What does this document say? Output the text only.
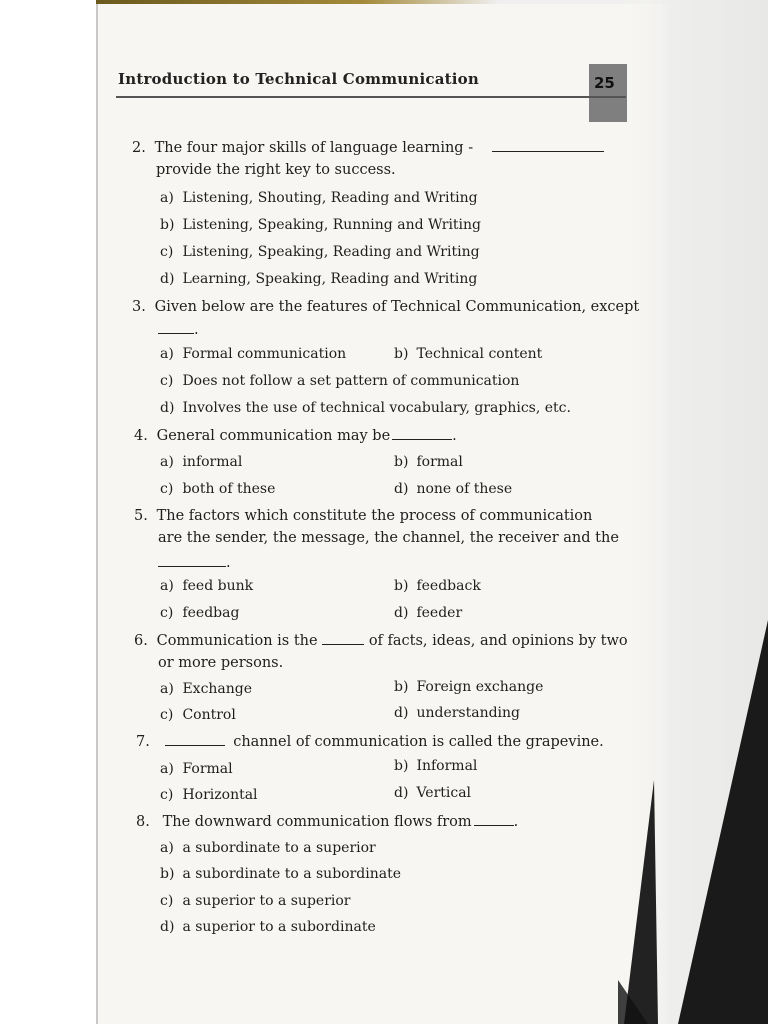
Introduction to Technical Communication	25
2. The four major skills of language learning -
provide the right key to success.
a) Listening, Shouting, Reading and Writing
b) Listening, Speaking, Running and Writing
c) Listening, Speaking, Reading and Writing
d) Learning, Speaking, Reading and Writing
3. Given below are the features of Technical Communication, except
.
a) Formal communication	b) Technical content
c) Does not follow a set pattern of communication
d) Involves the use of technical vocabulary, graphics, etc.
4. General communication may be	.
a) informal	b) formal
c) both of these	d) none of these
5. The factors which constitute the process of communication
are the sender, the message, the channel, the receiver and the
.
a) feed bunk	b) feedback
c) feedbag	d) feeder
6. Communication is the	of facts, ideas, and opinions by two
or more persons.
a) Exchange	b) Foreign exchange
c) Control	d) understanding
7.	channel of communication is called the grapevine.
a) Formal	b) Informal
c) Horizontal	d) Vertical
8. The downward communication flows from	.
a) a subordinate to a superior
b) a subordinate to a subordinate
c) a superior to a superior
d) a superior to a subordinate
